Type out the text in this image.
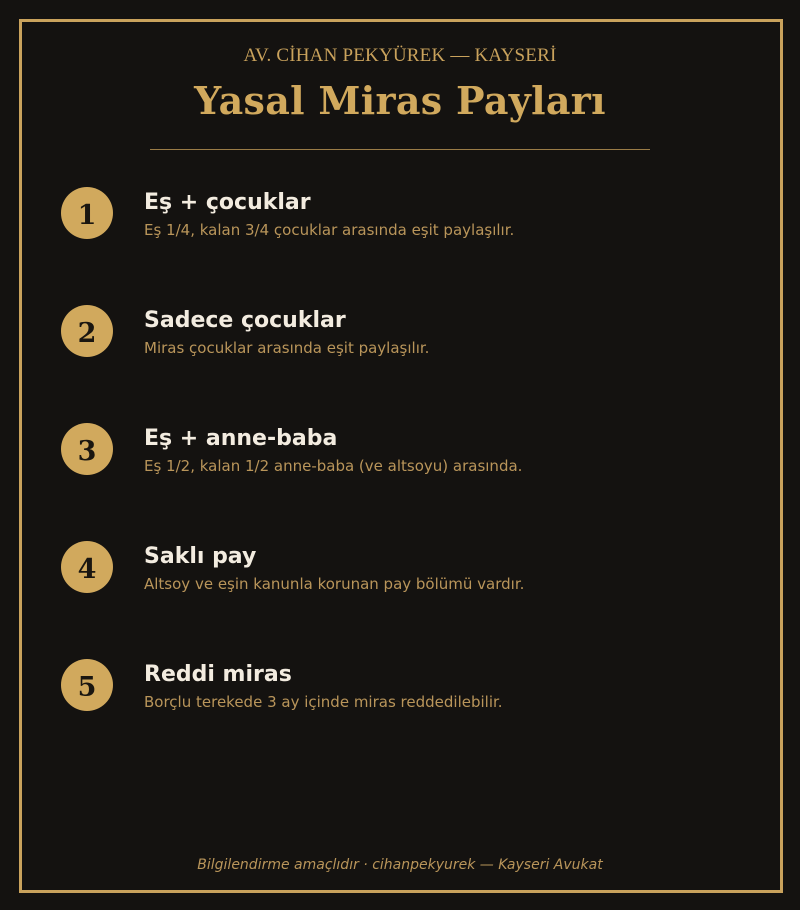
AV. CİHAN PEKYÜREK — KAYSERİ
Yasal Miras Payları
1 Eş + çocuklar
Eş 1/4, kalan 3/4 çocuklar arasında eşit paylaşılır.
2 Sadece çocuklar
Miras çocuklar arasında eşit paylaşılır.
3 Eş + anne-baba
Eş 1/2, kalan 1/2 anne-baba (ve altsoyu) arasında.
4 Saklı pay
Altsoy ve eşin kanunla korunan pay bölümü vardır.
5 Reddi miras
Borçlu terekede 3 ay içinde miras reddedilebilir.
Bilgilendirme amaçlıdır · cihanpekyurek — Kayseri Avukat
